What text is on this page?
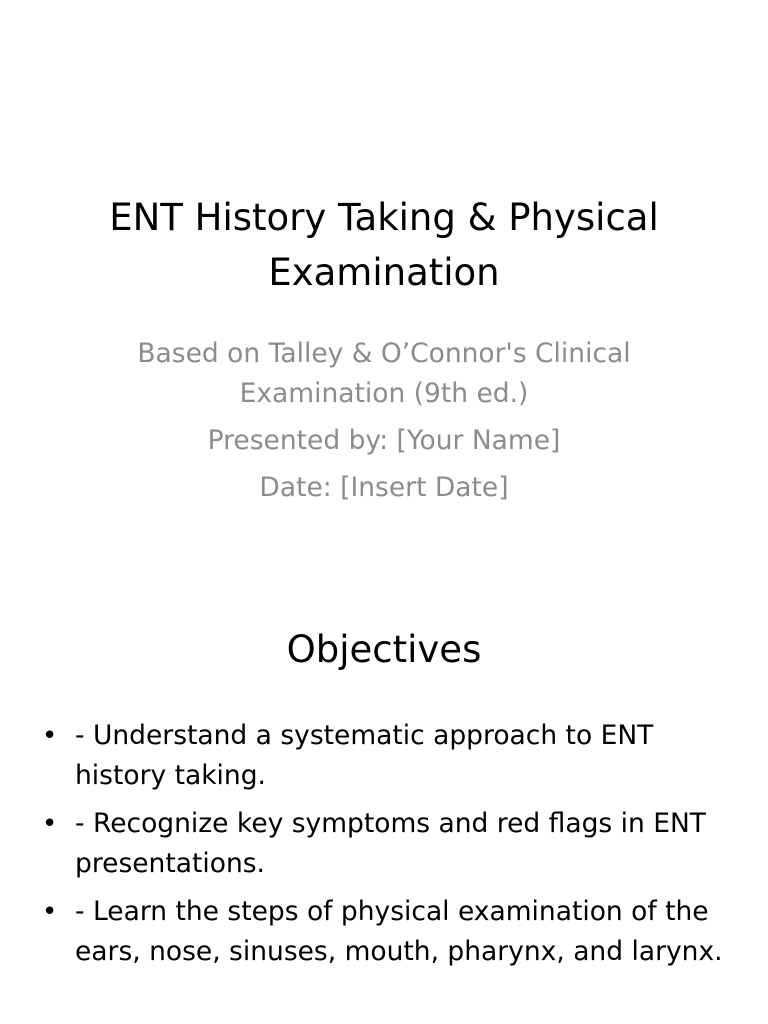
ENT History Taking & Physical Examination

Based on Talley & O’Connor's Clinical Examination (9th ed.)

Presented by: [Your Name]

Date: [Insert Date]

Objectives
• - Understand a systematic approach to ENT history taking.
• - Recognize key symptoms and red flags in ENT presentations.
• - Learn the steps of physical examination of the ears, nose, sinuses, mouth, pharynx, and larynx.
